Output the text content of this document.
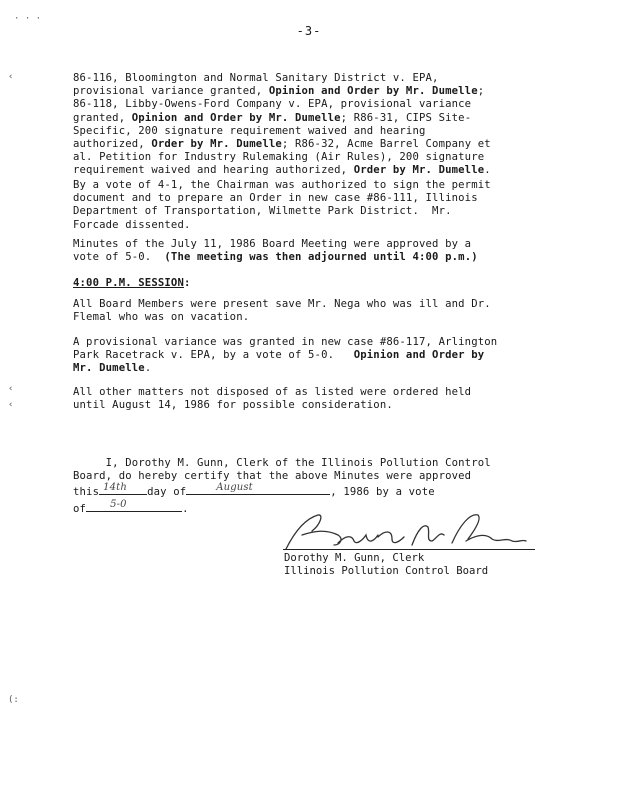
· · ·
‹
‹
‹
(:
-3-
86-116, Bloomington and Normal Sanitary District v. EPA,
provisional variance granted, Opinion and Order by Mr. Dumelle;
86-118, Libby-Owens-Ford Company v. EPA, provisional variance
granted, Opinion and Order by Mr. Dumelle; R86-31, CIPS Site-
Specific, 200 signature requirement waived and hearing
authorized, Order by Mr. Dumelle; R86-32, Acme Barrel Company et
al. Petition for Industry Rulemaking (Air Rules), 200 signature
requirement waived and hearing authorized, Order by Mr. Dumelle.
By a vote of 4-1, the Chairman was authorized to sign the permit
document and to prepare an Order in new case #86-111, Illinois
Department of Transportation, Wilmette Park District.  Mr.
Forcade dissented.
Minutes of the July 11, 1986 Board Meeting were approved by a
vote of 5-0.  (The meeting was then adjourned until 4:00 p.m.)
4:00 P.M. SESSION:
All Board Members were present save Mr. Nega who was ill and Dr.
Flemal who was on vacation.
A provisional variance was granted in new case #86-117, Arlington
Park Racetrack v. EPA, by a vote of 5-0.   Opinion and Order by
Mr. Dumelle.
All other matters not disposed of as listed were ordered held
until August 14, 1986 for possible consideration.
I, Dorothy M. Gunn, Clerk of the Illinois Pollution Control
Board, do hereby certify that the above Minutes were approved
this 14th day of	August	, 1986 by a vote
of 5-0	.
Dorothy M. Gunn, Clerk
Illinois Pollution Control Board
